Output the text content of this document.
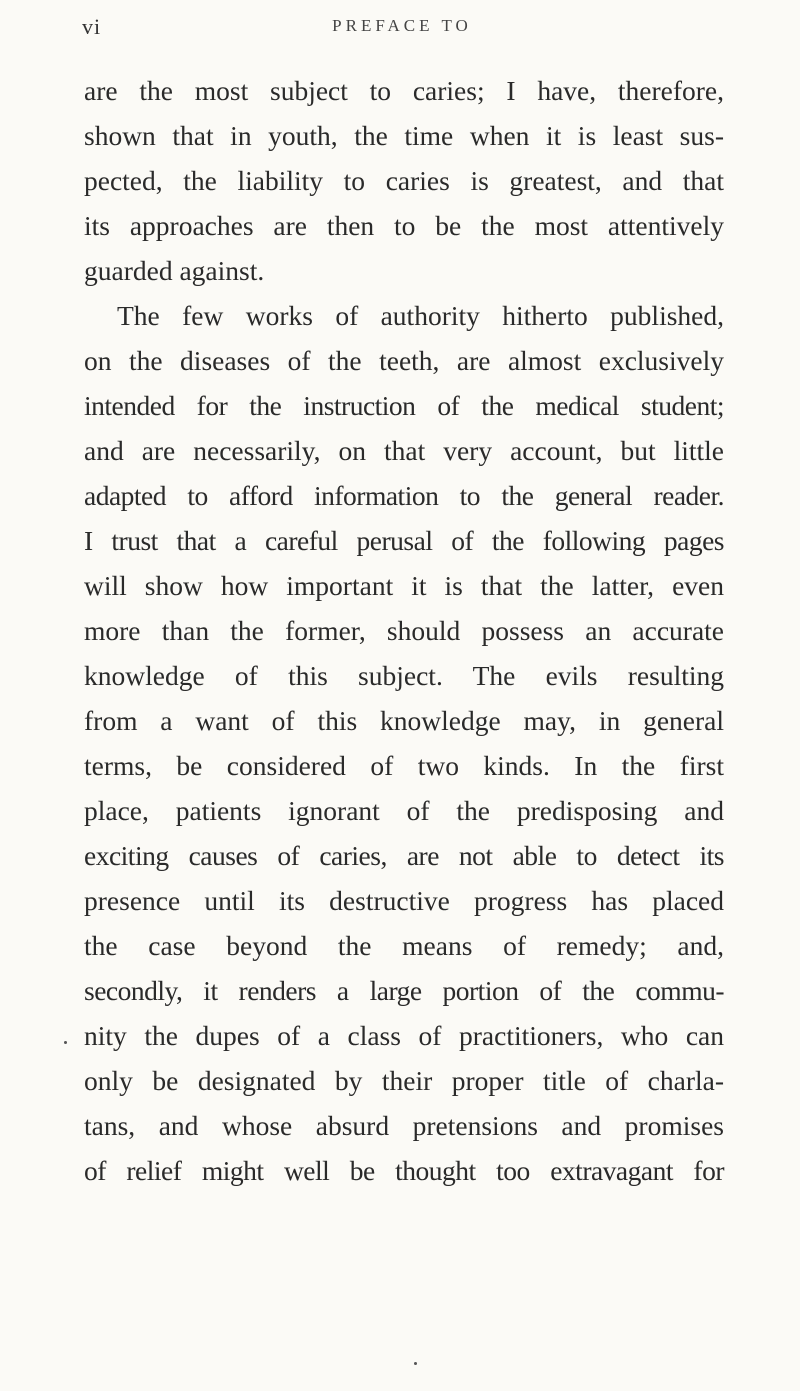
vi	PREFACE TO
are the most subject to caries; I have, therefore,
shown that in youth, the time when it is least sus-
pected, the liability to caries is greatest, and that
its approaches are then to be the most attentively
guarded against.
The few works of authority hitherto published,
on the diseases of the teeth, are almost exclusively
intended for the instruction of the medical student;
and are necessarily, on that very account, but little
adapted to afford information to the general reader.
I trust that a careful perusal of the following pages
will show how important it is that the latter, even
more than the former, should possess an accurate
knowledge of this subject. The evils resulting
from a want of this knowledge may, in general
terms, be considered of two kinds. In the first
place, patients ignorant of the predisposing and
exciting causes of caries, are not able to detect its
presence until its destructive progress has placed
the case beyond the means of remedy; and,
secondly, it renders a large portion of the commu-
nity the dupes of a class of practitioners, who can
only be designated by their proper title of charla-
tans, and whose absurd pretensions and promises
of relief might well be thought too extravagant for
